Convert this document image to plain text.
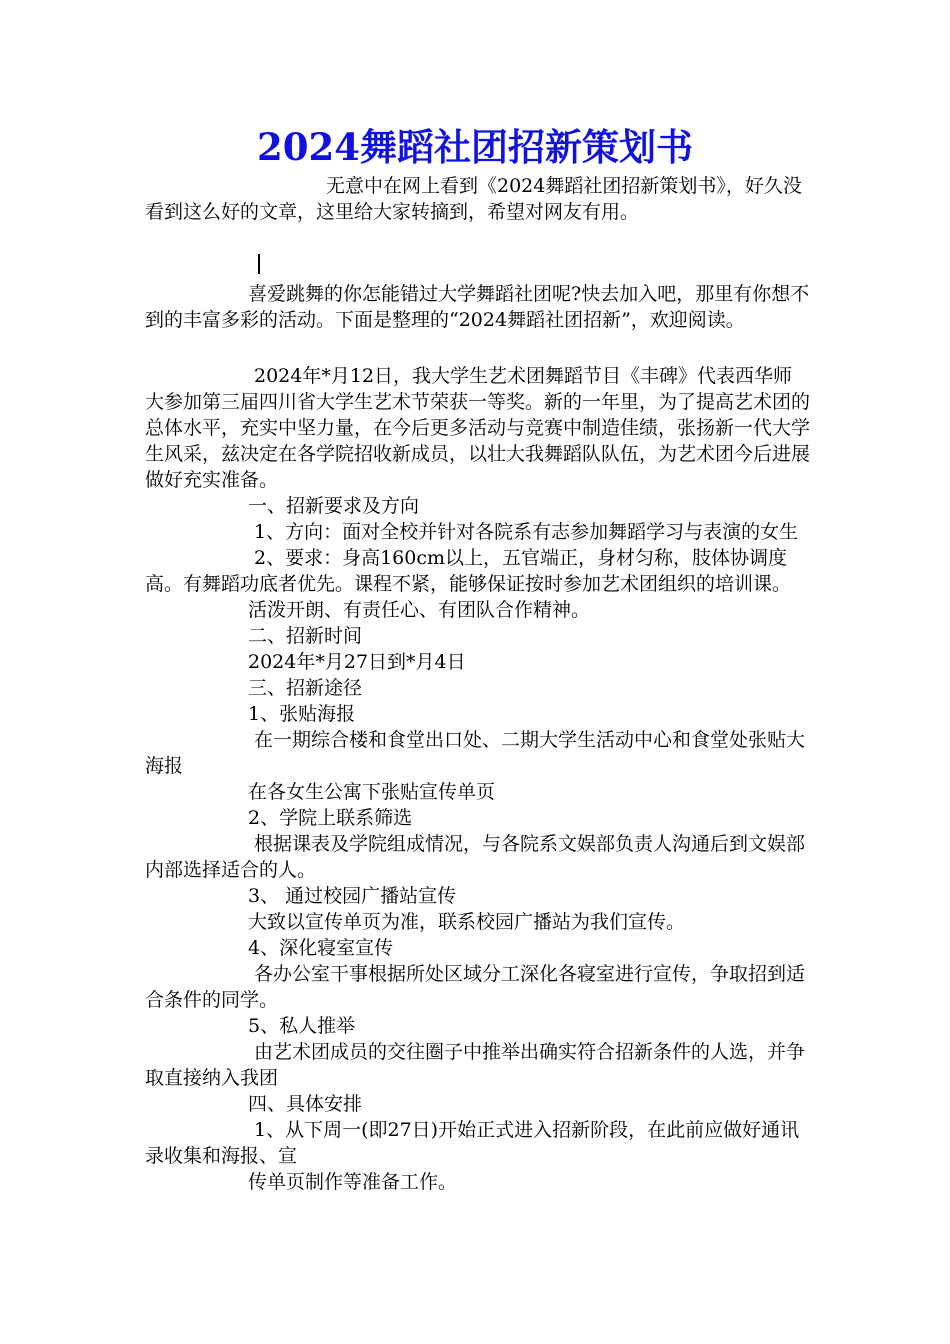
2024舞蹈社团招新策划书

无意中在网上看到《2024舞蹈社团招新策划书》，好久没看到这么好的文章，这里给大家转摘到，希望对网友有用。

喜爱跳舞的你怎能错过大学舞蹈社团呢?快去加入吧，那里有你想不到的丰富多彩的活动。下面是整理的“2024舞蹈社团招新”，欢迎阅读。

2024年*月12日，我大学生艺术团舞蹈节目《丰碑》代表西华师大参加第三届四川省大学生艺术节荣获一等奖。新的一年里，为了提高艺术团的总体水平，充实中坚力量，在今后更多活动与竞赛中制造佳绩，张扬新一代大学生风采，兹决定在各学院招收新成员，以壮大我舞蹈队队伍，为艺术团今后进展做好充实准备。

一、招新要求及方向

1、方向：面对全校并针对各院系有志参加舞蹈学习与表演的女生

2、要求：身高160cm以上，五官端正，身材匀称，肢体协调度高。有舞蹈功底者优先。课程不紧，能够保证按时参加艺术团组织的培训课。

活泼开朗、有责任心、有团队合作精神。

二、招新时间

2024年*月27日到*月4日

三、招新途径

1、张贴海报

在一期综合楼和食堂出口处、二期大学生活动中心和食堂处张贴大海报

在各女生公寓下张贴宣传单页

2、学院上联系筛选

根据课表及学院组成情况，与各院系文娱部负责人沟通后到文娱部内部选择适合的人。

3、 通过校园广播站宣传

大致以宣传单页为准，联系校园广播站为我们宣传。

4、深化寝室宣传

各办公室干事根据所处区域分工深化各寝室进行宣传，争取招到适合条件的同学。

5、私人推举

由艺术团成员的交往圈子中推举出确实符合招新条件的人选，并争取直接纳入我团

四、具体安排

1、从下周一(即27日)开始正式进入招新阶段，在此前应做好通讯录收集和海报、宣

传单页制作等准备工作。
